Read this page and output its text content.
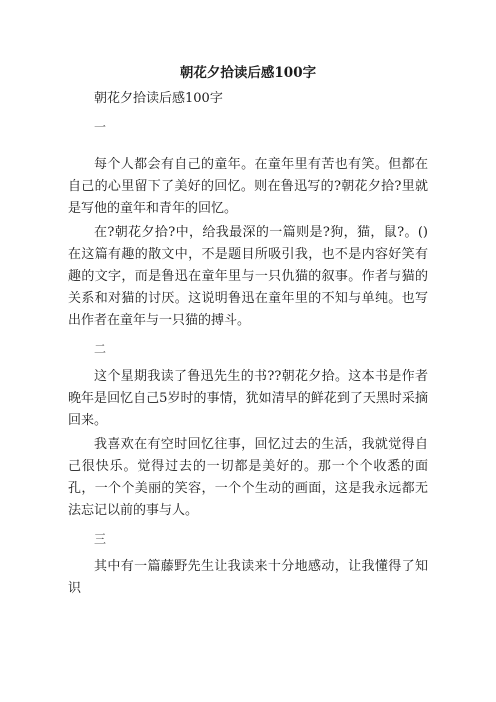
朝花夕拾读后感100字

朝花夕拾读后感100字

一

每个人都会有自己的童年。在童年里有苦也有笑。但都在自己的心里留下了美好的回忆。则在鲁迅写的?朝花夕拾?里就是写他的童年和青年的回忆。

在?朝花夕拾?中，给我最深的一篇则是?狗，猫，鼠?。()在这篇有趣的散文中，不是题目所吸引我，也不是内容好笑有趣的文字，而是鲁迅在童年里与一只仇猫的叙事。作者与猫的关系和对猫的讨厌。这说明鲁迅在童年里的不知与单纯。也写出作者在童年与一只猫的搏斗。

二

这个星期我读了鲁迅先生的书??朝花夕拾。这本书是作者晚年是回忆自己5岁时的事情，犹如清早的鲜花到了天黑时采摘回来。

我喜欢在有空时回忆往事，回忆过去的生活，我就觉得自己很快乐。觉得过去的一切都是美好的。那一个个收悉的面孔，一个个美丽的笑容，一个个生动的画面，这是我永远都无法忘记以前的事与人。

三

其中有一篇藤野先生让我读来十分地感动，让我懂得了知识
